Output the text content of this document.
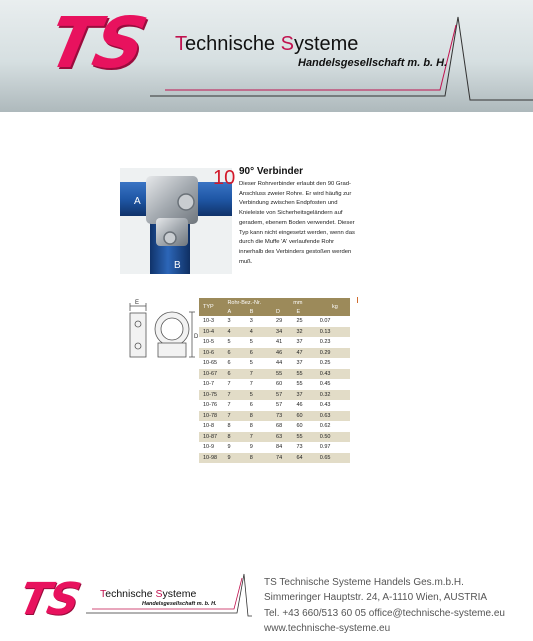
TS Technische Systeme
Handelsgesellschaft m. b. H.
A
B
10 90° Verbinder
Dieser Rohrverbinder erlaubt den 90 Grad-Anschluss zweier Rohre. Er wird häufig zur Verbindung zwischen Endpfosten und Knieleiste von Sicherheitsgeländern auf geradem, ebenem Boden verwendet. Dieser Typ kann nicht eingesetzt werden, wenn das durch die Muffe 'A' verlaufende Rohr innerhalb des Verbinders gestoßen werden muß.
E
D
TYP	Rohr-Bez.-Nr.		mm		kg
	A	B	D	E	
10-3	3	3	29	25	0.07
10-4	4	4	34	32	0.13
10-5	5	5	41	37	0.23
10-6	6	6	46	47	0.29
10-65	6	5	44	37	0.25
10-67	6	7	55	55	0.43
10-7	7	7	60	55	0.45
10-75	7	5	57	37	0.32
10-76	7	6	57	46	0.43
10-78	7	8	73	60	0.63
10-8	8	8	68	60	0.62
10-87	8	7	63	55	0.50
10-9	9	9	84	73	0.97
10-98	9	8	74	64	0.65
TS Technische Systeme
Handelsgesellschaft m. b. H.
TS Technische Systeme Handels Ges.m.b.H.
Simmeringer Hauptstr. 24, A-1110 Wien, AUSTRIA
Tel. +43 660/513 60 05 office@technische-systeme.eu
www.technische-systeme.eu
